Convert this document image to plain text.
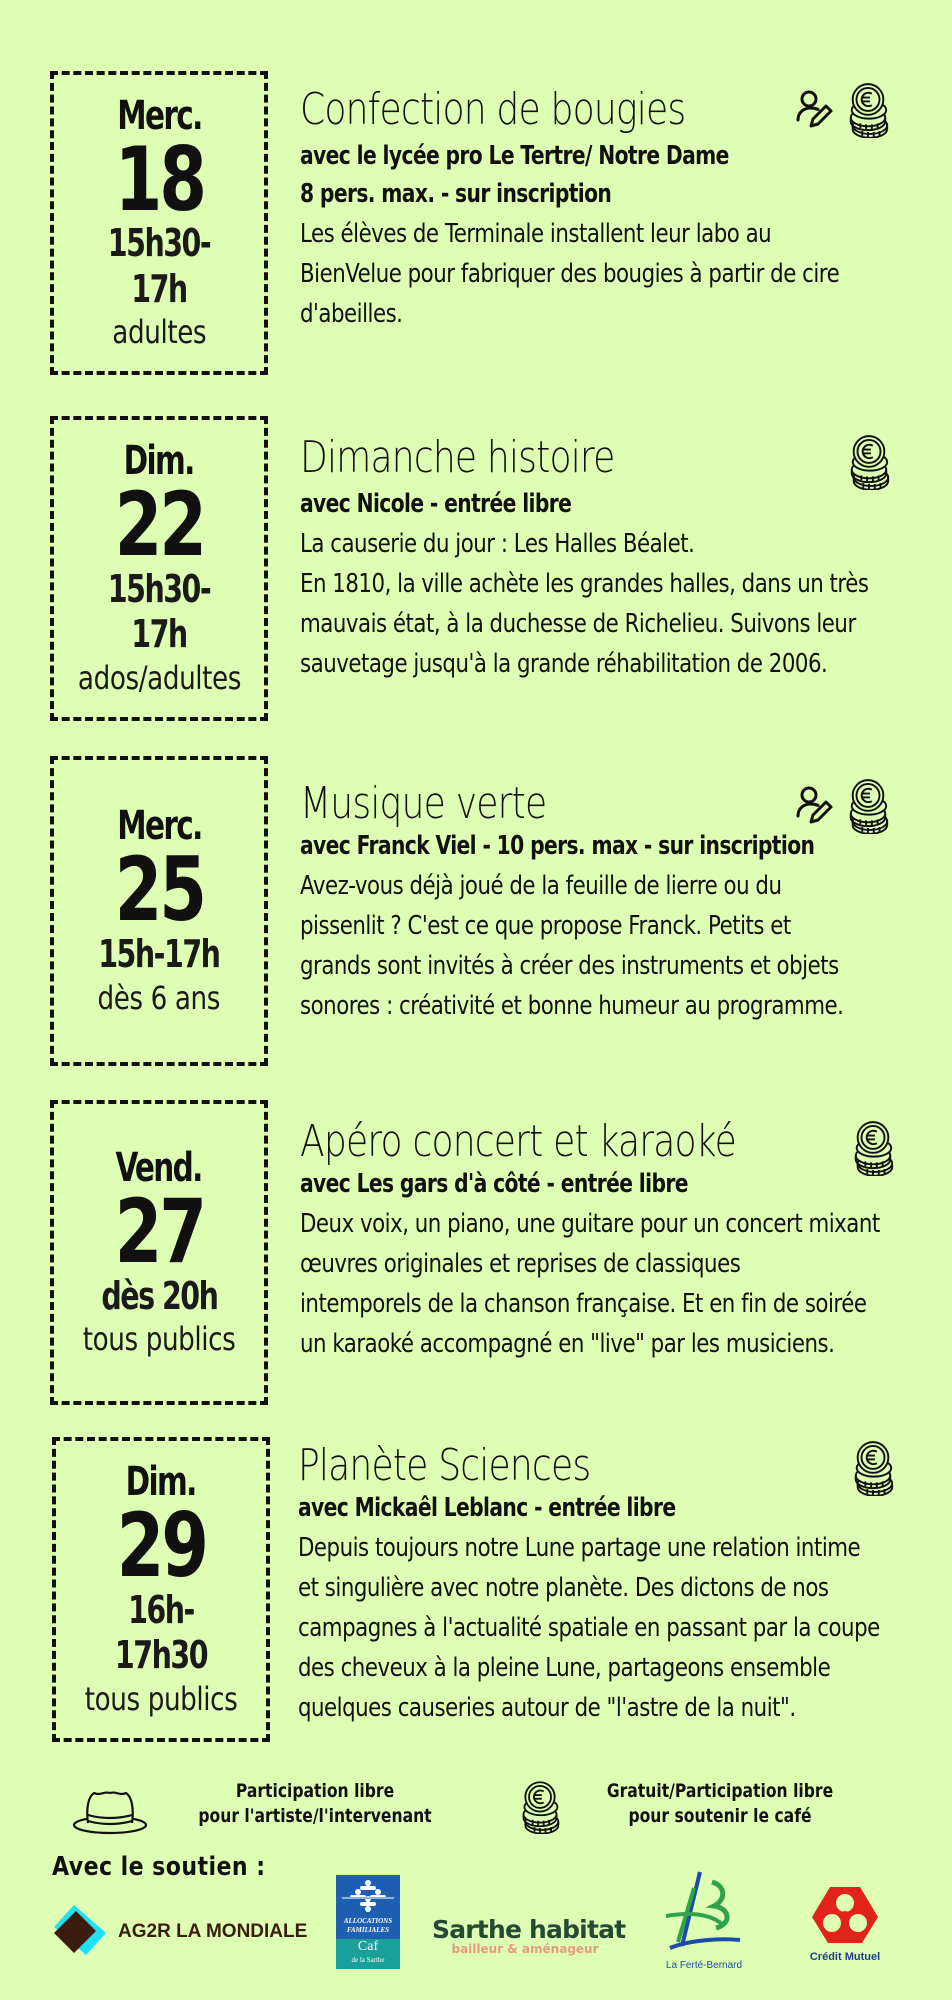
Merc.
18
15h30-17h
adultes
Confection de bougies
avec le lycée pro Le Tertre/ Notre Dame
8 pers. max. - sur inscription
Les élèves de Terminale installent leur labo au
BienVelue pour fabriquer des bougies à partir de cire
d'abeilles.
Dim.
22
15h30-17h
ados/adultes
Dimanche histoire
avec Nicole - entrée libre
La causerie du jour : Les Halles Béalet.
En 1810, la ville achète les grandes halles, dans un très
mauvais état, à la duchesse de Richelieu. Suivons leur
sauvetage jusqu'à la grande réhabilitation de 2006.
Merc.
25
15h-17h
dès 6 ans
Musique verte
avec Franck Viel - 10 pers. max - sur inscription
Avez-vous déjà joué de la feuille de lierre ou du
pissenlit ? C'est ce que propose Franck. Petits et
grands sont invités à créer des instruments et objets
sonores : créativité et bonne humeur au programme.
Vend.
27
dès 20h
tous publics
Apéro concert et karaoké
avec Les gars d'à côté - entrée libre
Deux voix, un piano, une guitare pour un concert mixant
œuvres originales et reprises de classiques
intemporels de la chanson française. Et en fin de soirée
un karaoké accompagné en "live" par les musiciens.
Dim.
29
16h-17h30
tous publics
Planète Sciences
avec Mickaêl Leblanc - entrée libre
Depuis toujours notre Lune partage une relation intime
et singulière avec notre planète. Des dictons de nos
campagnes à l'actualité spatiale en passant par la coupe
des cheveux à la pleine Lune, partageons ensemble
quelques causeries autour de "l'astre de la nuit".
Participation libre
pour l'artiste/l'intervenant
Gratuit/Participation libre
pour soutenir le café
Avec le soutien :
AG2R LA MONDIALE	ALLOCATIONS
FAMILIALES
Caf
de la Sarthe
Sarthe habitat
bailleur & aménageur
La Ferté-Bernard
Crédit Mutuel
